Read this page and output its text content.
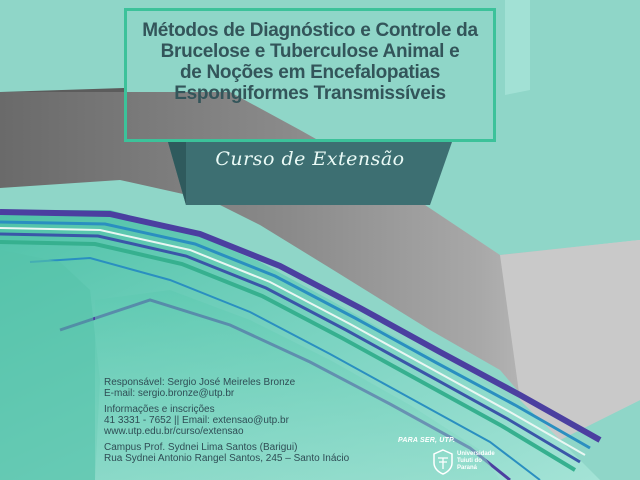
Métodos de Diagnóstico e Controle da
Brucelose e Tuberculose Animal e
de Noções em Encefalopatias
Espongiformes Transmissíveis
Curso de Extensão
Responsável: Sergio José Meireles Bronze
E-mail: sergio.bronze@utp.br
Informações e inscrições
41 3331 - 7652 || Email: extensao@utp.br
www.utp.edu.br/curso/extensao
Campus Prof. Sydnei Lima Santos (Barigui)
Rua Sydnei Antonio Rangel Santos, 245 – Santo Inácio
PARA SER, UTP.
Universidade
Tuiuti do
Paraná
